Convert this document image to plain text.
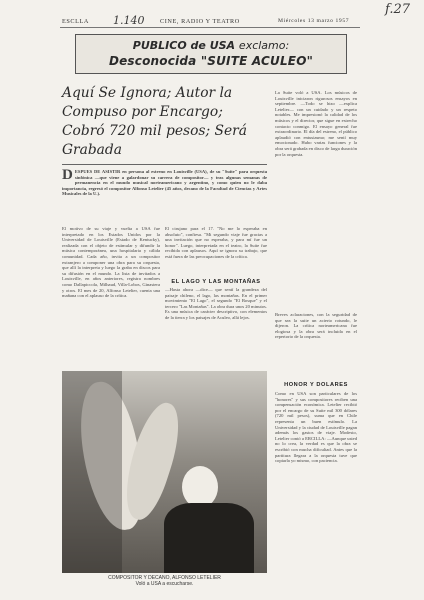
f.27
1.140
ESCLLA	CINE, RADIO Y TEATRO	Miércoles 13 marzo 1957
PUBLICO de USA exclamo:
Desconocida "SUITE ACULEO"
Aquí Se Ignora; Autor la Compuso por Encargo; Cobró 720 mil pesos; Será Grabada
D ESPUES DE ASISTIR en persona al estreno en Louisville (USA), de su "Suite" para orquesta sinfónica —que viene a galardonar su carrera de compositor— y tras algunas semanas de permanencia en el mundo musical norteamericano y argentino, y como quien no le daba importancia, regresó el compositor Alfonso Letelier (45 años, decano de la Facultad de Ciencias y Artes Musicales de la U.).
El motivo de su viaje y vuelta a USA fue interpretado en los Estados Unidos por la Universidad de Louisville (Estado de Kentucky), realizada con el objeto de estimular y difundir la música contemporánea, una hospitalaria y cálida comunidad. Cada año, invita a un compositor extranjero a componer una obra para su orquesta, que allí la interpreta y luego la graba en discos para su difusión en el mundo. La lista de invitados a Louisville, en años anteriores, registra nombres como Dallapiccola, Milhaud, Villa-Lobos, Ginastera y otros. El mes de 20, Alfonso Letelier, cuenta una mañana con el aplauso de la crítica.
El cirujano para el 17. "No me lo esperaba en absoluto", confiesa. "Mi segundo viaje fue gracias a una invitación que no esperaba, y para mí fue un honor". Luego, interpretada en el teatro, la Suite fue recibida con aplausos. Aquí se ignora su trabajo, que está fuera de las preocupaciones de la crítica.
EL LAGO Y LAS MONTAÑAS
—Hasta ahora —dice— que sentí la grandeza del paisaje chileno, el lago, las montañas. En el primer movimiento "El Lago", el segundo "El Bosque" y el tercero "Las Montañas". La obra dura unos 20 minutos. Es una música de carácter descriptivo, con elementos de la tierra y los paisajes de Aculeo, allá lejos.
La Suite voló a USA. Los músicos de Louisville iniciaron rigurosos ensayos en septiembre. —Todo se hizo —explica Letelier— con un cuidado y un respeto notables. Me impresionó la calidad de los músicos y el director, que sigue en estrecho contacto conmigo. El ensayo general fue extraordinario. El día del estreno, el público aplaudió con entusiasmo; me sentí muy emocionado. Hubo varias funciones y la obra será grabada en disco de larga duración por la orquesta.
Breves aclaraciones, con la seguridad de que sea la suite un acierto rotundo, le dijeron. La crítica norteamericana fue elogiosa y la obra será incluida en el repertorio de la orquesta.
HONOR Y DOLARES
Como en USA son particulares de los "honores" y sus compositores reciben una compensación económica. Letelier recibió por el encargo de su Suite mil 300 dólares (720 mil pesos), suma que en Chile representa un buen estímulo. La Universidad y la ciudad de Louisville pagan además los gastos de viaje. Modesto, Letelier contó a ERCILLA: —Aunque usted no lo crea, la verdad es que la obra se escribió con mucha dificultad. Antes que la partitura llegara a la orquesta tuve que copiarla yo mismo, con paciencia.
COMPOSITOR Y DECANO, ALFONSO LETELIER
Voló a USA a escucharse.
